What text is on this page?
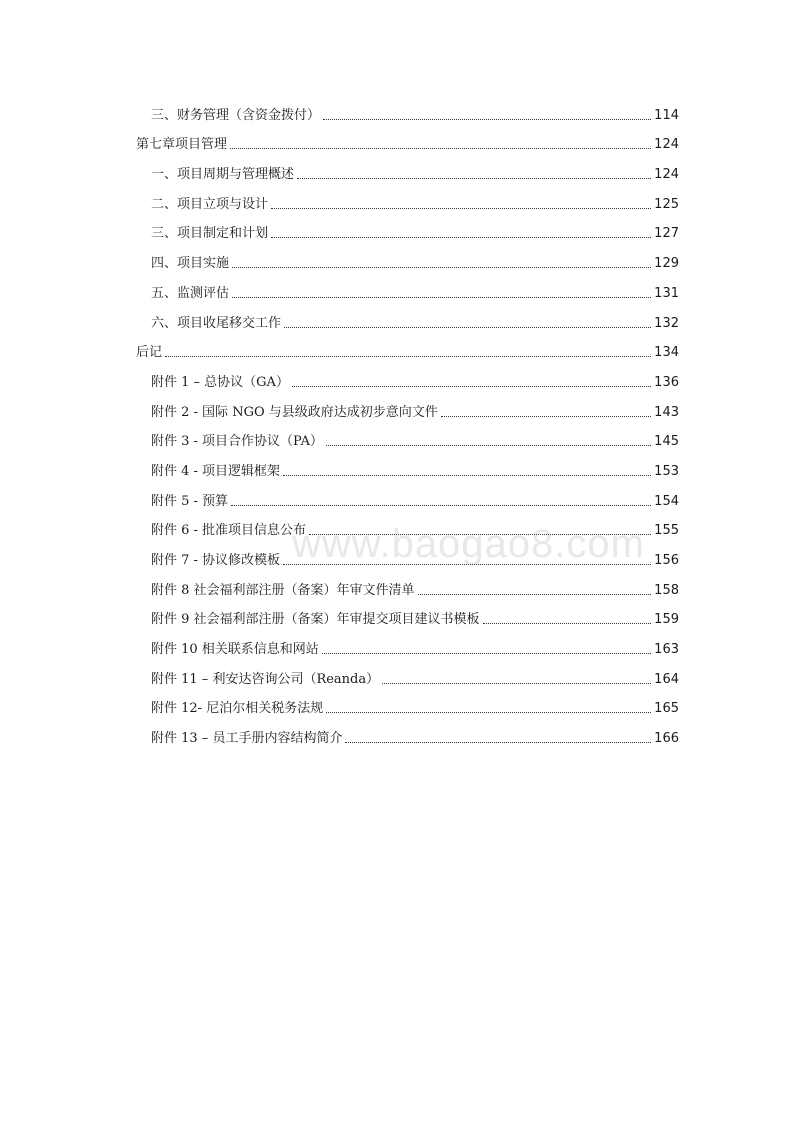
三、财务管理（含资金拨付）	114
第七章项目管理	124
一、项目周期与管理概述	124
二、项目立项与设计	125
三、项目制定和计划	127
四、项目实施	129
五、监测评估	131
六、项目收尾移交工作	132
后记	134
附件 1 – 总协议（GA）	136
附件 2 - 国际 NGO 与县级政府达成初步意向文件	143
附件 3 - 项目合作协议（PA）	145
附件 4 - 项目逻辑框架	153
附件 5 - 预算	154
附件 6 - 批准项目信息公布	155
附件 7 - 协议修改模板	156
附件 8 社会福利部注册（备案）年审文件清单	158
附件 9 社会福利部注册（备案）年审提交项目建议书模板	159
附件 10 相关联系信息和网站	163
附件 11 – 利安达咨询公司（Reanda）	164
附件 12- 尼泊尔相关税务法规	165
附件 13 – 员工手册内容结构简介	166
www.baogao8.com
